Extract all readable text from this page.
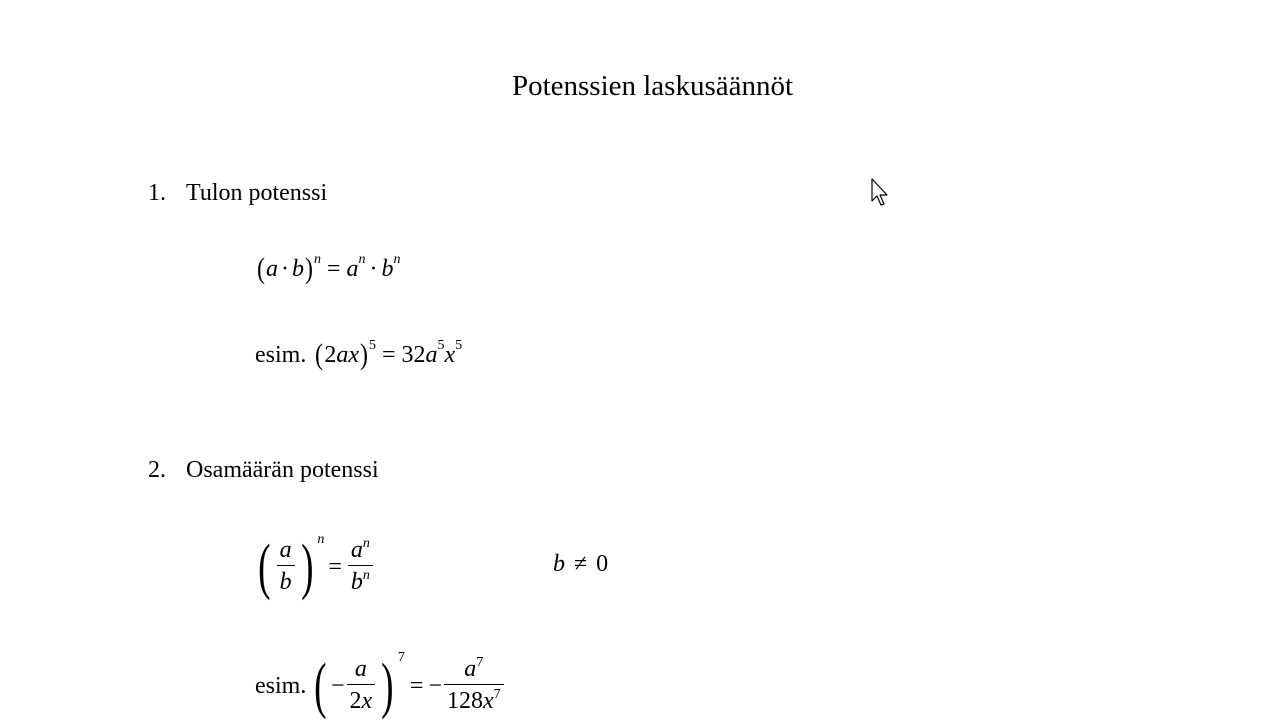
Potenssien laskusäännöt
1. Tulon potenssi
( a · b )$^n = a^n \cdot b^n$
esim. ( 2 ax )$^5$ = 32 $a^5$ $x^5$
2. Osamäärän potenssi
( $\frac{a}{b}$ ) $^n$
= $\frac{a^n}{b^n}$	b ≠ 0
esim. ( − $\frac{a}{2x}$ ) $^7$
= − $\frac{a^7}{128x^7}$
